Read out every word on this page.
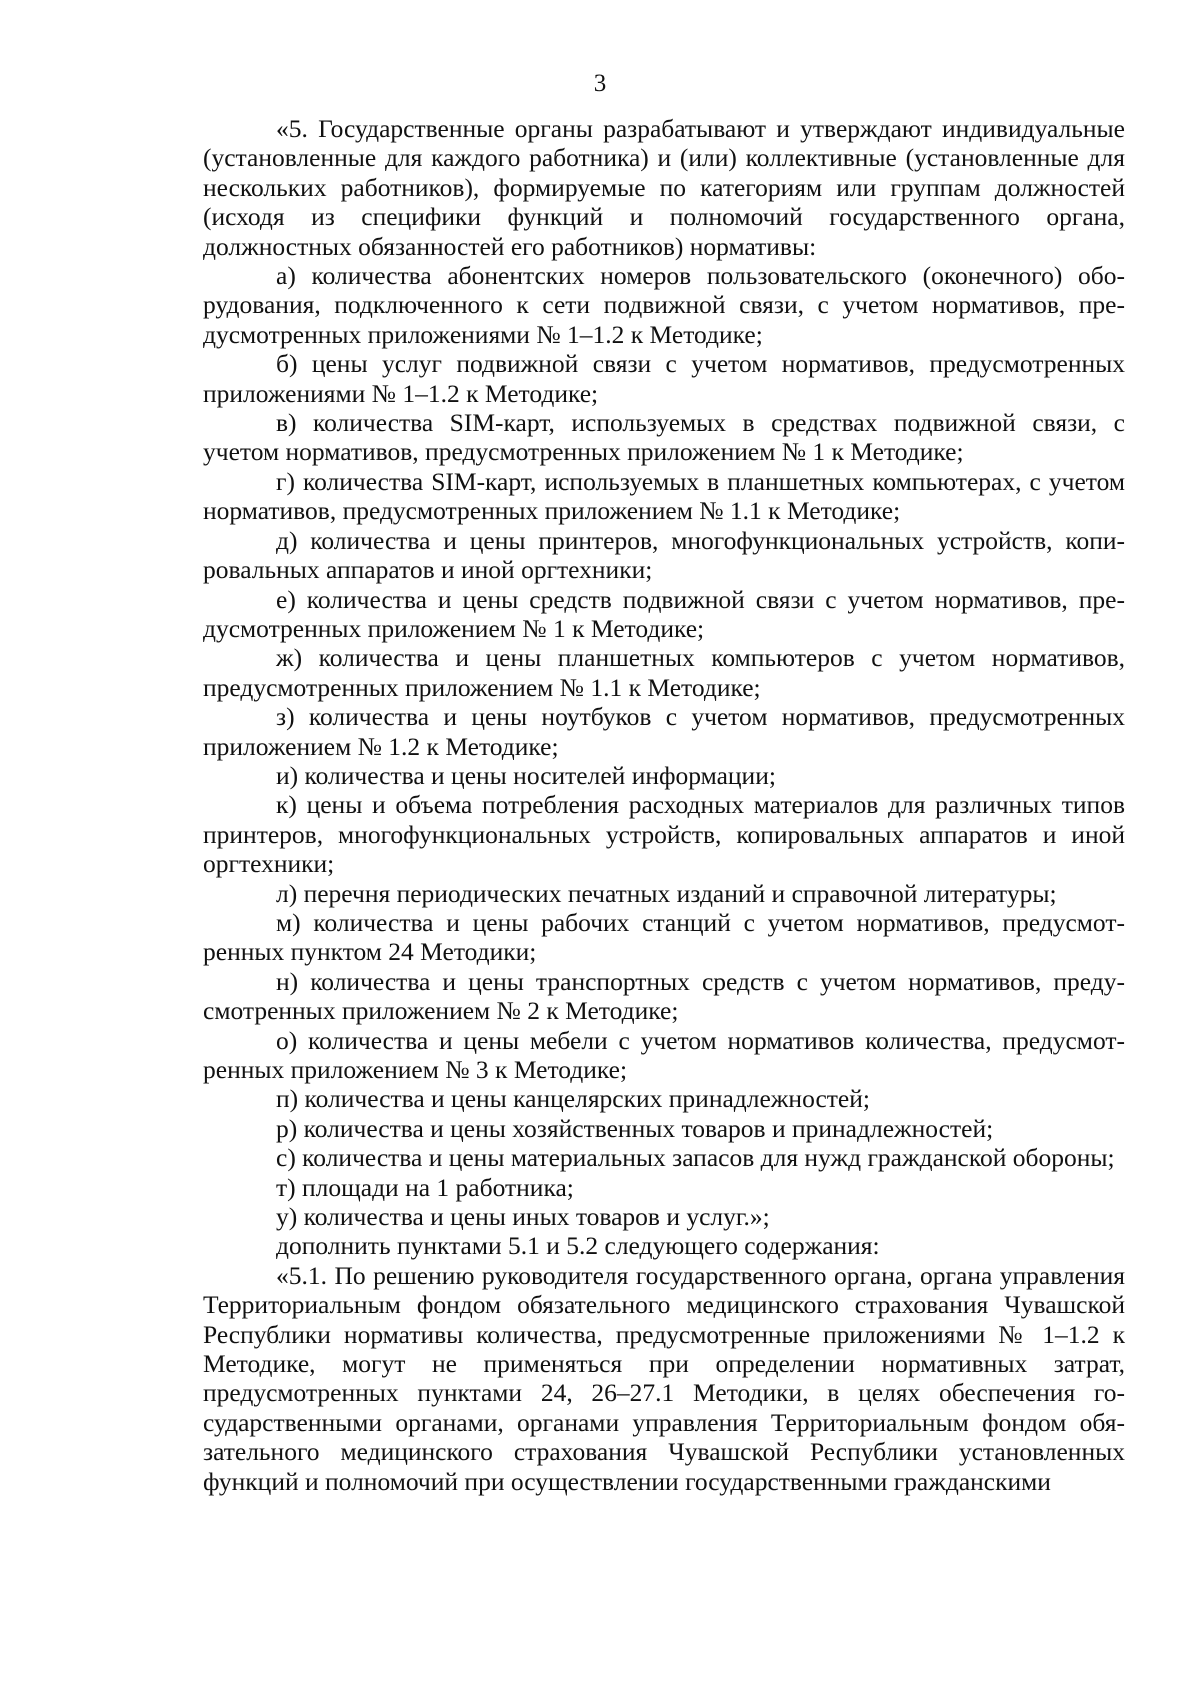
3

«5. Государственные органы разрабатывают и утверждают индивидуальные (установленные для каждого работника) и (или) коллективные (установленные для нескольких работников), формируемые по категориям или группам должностей (исходя из специфики функций и полномочий государственного органа, должностных обязанностей его работников) нормативы:

а) количества абонентских номеров пользовательского (оконечного) оборудования, подключенного к сети подвижной связи, с учетом нормативов, предусмотренных приложениями № 1–1.2 к Методике;

б) цены услуг подвижной связи с учетом нормативов, предусмотренных приложениями № 1–1.2 к Методике;

в) количества SIM-карт, используемых в средствах подвижной связи, с учетом нормативов, предусмотренных приложением № 1 к Методике;

г) количества SIM-карт, используемых в планшетных компьютерах, с учетом нормативов, предусмотренных приложением № 1.1 к Методике;

д) количества и цены принтеров, многофункциональных устройств, копировальных аппаратов и иной оргтехники;

е) количества и цены средств подвижной связи с учетом нормативов, предусмотренных приложением № 1 к Методике;

ж) количества и цены планшетных компьютеров с учетом нормативов, предусмотренных приложением № 1.1 к Методике;

з) количества и цены ноутбуков с учетом нормативов, предусмотренных приложением № 1.2 к Методике;

и) количества и цены носителей информации;

к) цены и объема потребления расходных материалов для различных типов принтеров, многофункциональных устройств, копировальных аппаратов и иной оргтехники;

л) перечня периодических печатных изданий и справочной литературы;

м) количества и цены рабочих станций с учетом нормативов, предусмотренных пунктом 24 Методики;

н) количества и цены транспортных средств с учетом нормативов, предусмотренных приложением № 2 к Методике;

о) количества и цены мебели с учетом нормативов количества, предусмотренных приложением № 3 к Методике;

п) количества и цены канцелярских принадлежностей;

р) количества и цены хозяйственных товаров и принадлежностей;

с) количества и цены материальных запасов для нужд гражданской обороны;

т) площади на 1 работника;

у) количества и цены иных товаров и услуг.»;

дополнить пунктами 5.1 и 5.2 следующего содержания:

«5.1. По решению руководителя государственного органа, органа управления Территориальным фондом обязательного медицинского страхования Чувашской Республики нормативы количества, предусмотренные приложениями № 1–1.2 к Методике, могут не применяться при определении нормативных затрат, предусмотренных пунктами 24, 26–27.1 Методики, в целях обеспечения государственными органами, органами управления Территориальным фондом обязательного медицинского страхования Чувашской Республики установленных функций и полномочий при осуществлении государственными гражданскими
